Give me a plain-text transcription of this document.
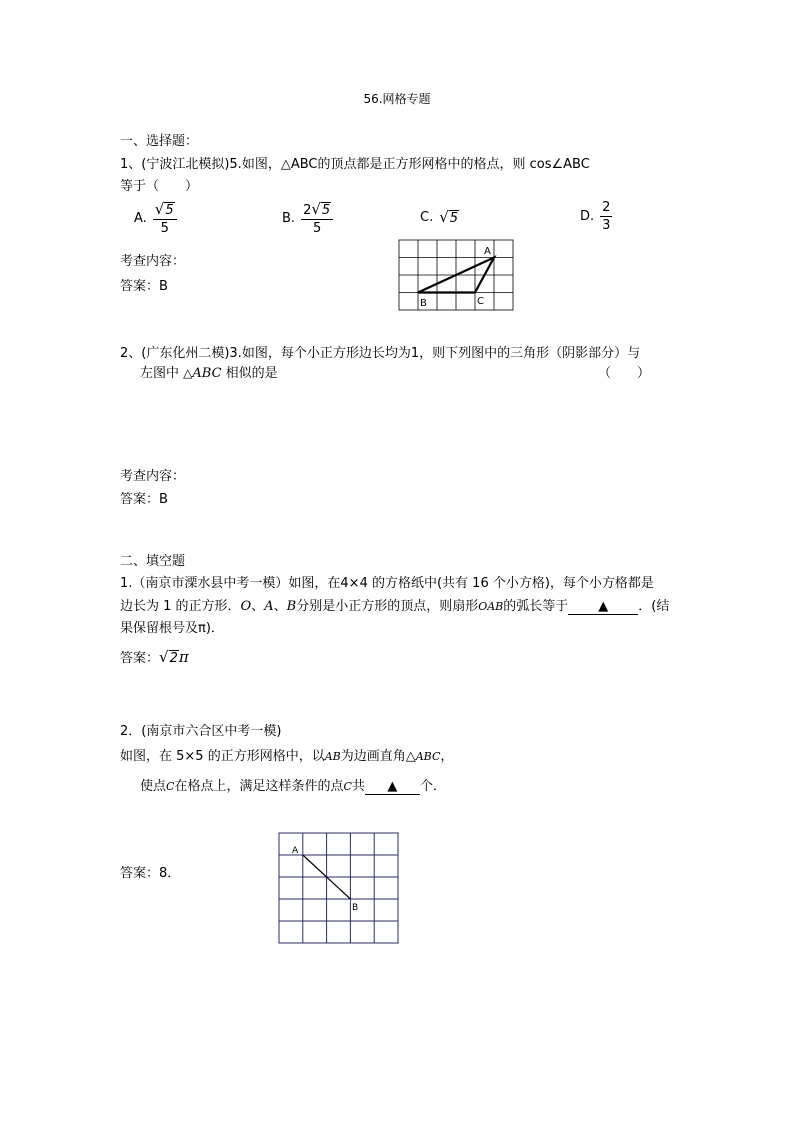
56.网格专题
一、选择题：
1、(宁波江北模拟)5.如图，△ABC的顶点都是正方形网格中的格点，则 cos∠ABC
等于（　　）
A. $\frac{√5}{5}$	B. $\frac{2√5}{5}$	C. √5	D. $\frac{2}{3}$
考查内容：
答案：B
A
B	C
2、(广东化州二模)3.如图，每个小正方形边长均为1，则下列图中的三角形（阴影部分）与
左图中 △ABC 相似的是	（　　）
考查内容：
答案：B
二、填空题
1.（南京市溧水县中考一模）如图，在4×4 的方格纸中(共有 16 个小方格)，每个小方格都是
边长为 1 的正方形．O、A、B分别是小正方形的顶点，则扇形OAB的弧长等于 ▲ ．(结
果保留根号及π)．
答案：√2π
2．(南京市六合区中考一模)
如图，在 5×5 的正方形网格中，以AB为边画直角△ABC，
使点C在格点上，满足这样条件的点C共 ▲ 个．
答案：8．
A
B
